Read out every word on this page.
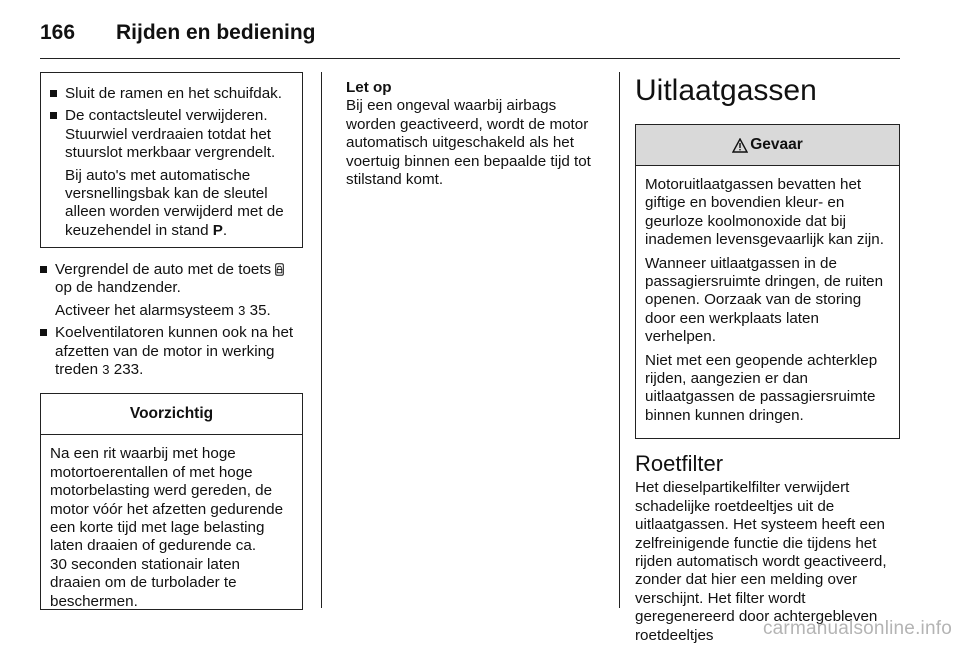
166 Rijden en bediening
Sluit de ramen en het schuifdak.
De contactsleutel verwijderen. Stuurwiel verdraaien totdat het stuurslot merkbaar vergrendelt.

Bij auto's met automatische versnellingsbak kan de sleutel alleen worden verwijderd met de keuzehendel in stand P.

Vergrendel de auto met de toets  op de handzender.

Activeer het alarmsysteem 3 35.

Koelventilatoren kunnen ook na het afzetten van de motor in werking treden 3 233.
Voorzichtig
Na een rit waarbij met hoge motortoerentallen of met hoge motorbelasting werd gereden, de motor vóór het afzetten gedurende een korte tijd met lage belasting laten draaien of gedurende ca.
30 seconden stationair laten draaien om de turbolader te beschermen.
Let op
Bij een ongeval waarbij airbags worden geactiveerd, wordt de motor automatisch uitgeschakeld als het voertuig binnen een bepaalde tijd tot stilstand komt.
Uitlaatgassen
Gevaar

Motoruitlaatgassen bevatten het giftige en bovendien kleur- en geurloze koolmonoxide dat bij inademen levensgevaarlijk kan zijn.

Wanneer uitlaatgassen in de passagiersruimte dringen, de ruiten openen. Oorzaak van de storing door een werkplaats laten verhelpen.

Niet met een geopende achterklep rijden, aangezien er dan uitlaatgassen de passagiersruimte binnen kunnen dringen.

Roetfilter
Het dieselpartikelfilter verwijdert schadelijke roetdeeltjes uit de uitlaatgassen. Het systeem heeft een zelfreinigende functie die tijdens het rijden automatisch wordt geactiveerd, zonder dat hier een melding over verschijnt. Het filter wordt geregenereerd door achtergebleven roetdeeltjes	carmanualsonline.info
